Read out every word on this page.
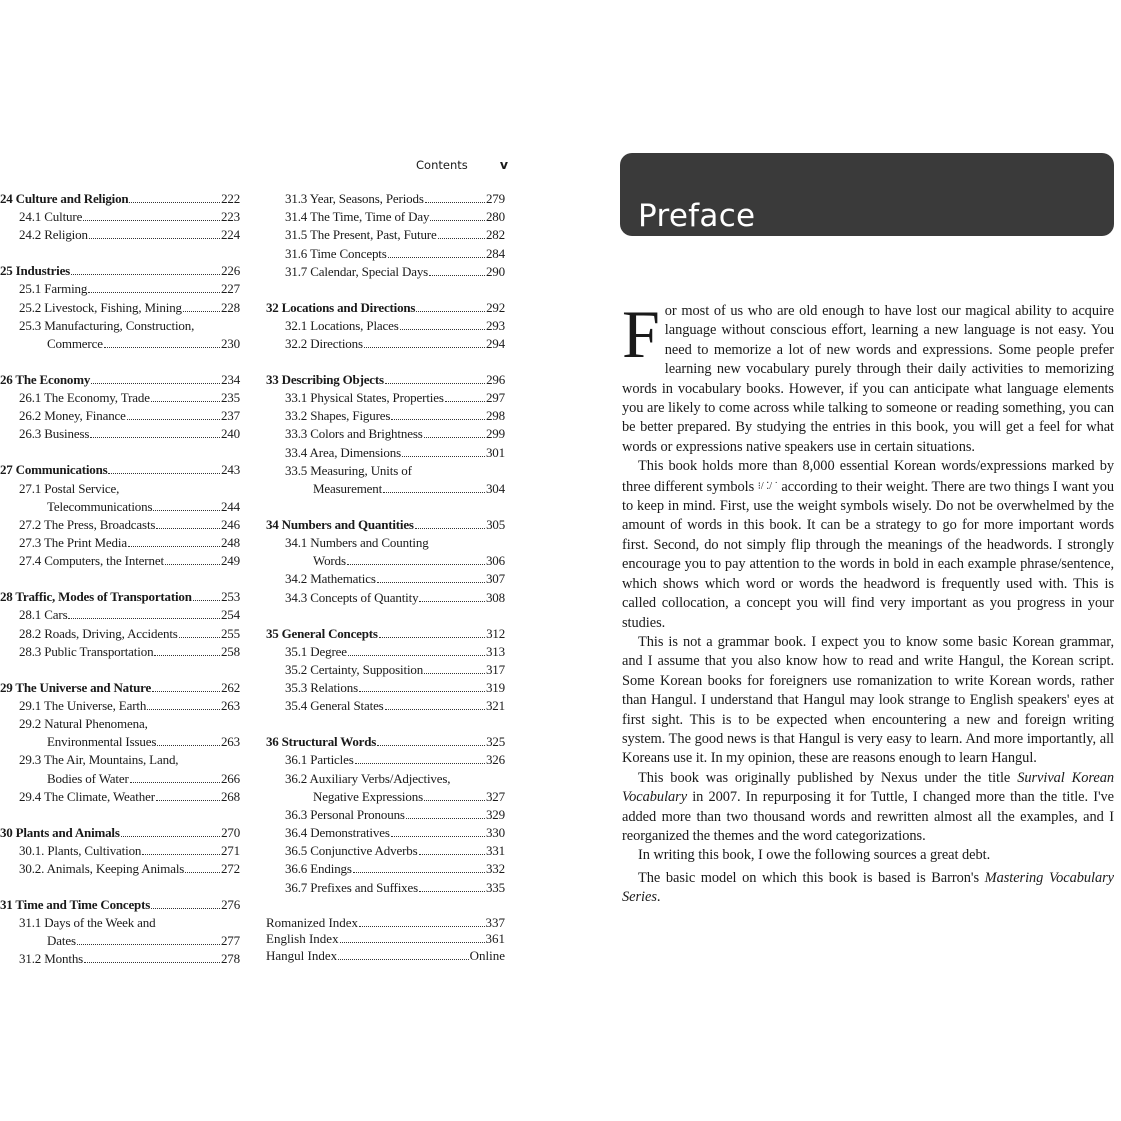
Contents	v
24 Culture and Religion	222
24.1 Culture	223
24.2 Religion	224
25 Industries	226
25.1 Farming	227
25.2 Livestock, Fishing, Mining	228
25.3 Manufacturing, Construction,
Commerce	230
26 The Economy	234
26.1 The Economy, Trade	235
26.2 Money, Finance	237
26.3 Business	240
27 Communications	243
27.1 Postal Service,
Telecommunications	244
27.2 The Press, Broadcasts	246
27.3 The Print Media	248
27.4 Computers, the Internet	249
28 Traffic, Modes of Transportation 253
28.1 Cars	254
28.2 Roads, Driving, Accidents	255
28.3 Public Transportation	258
29 The Universe and Nature	262
29.1 The Universe, Earth	263
29.2 Natural Phenomena,
Environmental Issues	263
29.3 The Air, Mountains, Land,
Bodies of Water	266
29.4 The Climate, Weather	268
30 Plants and Animals	270
30.1. Plants, Cultivation	271
30.2. Animals, Keeping Animals	272
31 Time and Time Concepts	276
31.1 Days of the Week and
Dates	277
31.2 Months	278
31.3 Year, Seasons, Periods	279
31.4 The Time, Time of Day	280
31.5 The Present, Past, Future	282
31.6 Time Concepts	284
31.7 Calendar, Special Days	290
32 Locations and Directions	292
32.1 Locations, Places	293
32.2 Directions	294
33 Describing Objects	296
33.1 Physical States, Properties	297
33.2 Shapes, Figures	298
33.3 Colors and Brightness	299
33.4 Area, Dimensions	301
33.5 Measuring, Units of
Measurement	304
34 Numbers and Quantities	305
34.1 Numbers and Counting
Words	306
34.2 Mathematics	307
34.3 Concepts of Quantity	308
35 General Concepts	312
35.1 Degree	313
35.2 Certainty, Supposition	317
35.3 Relations	319
35.4 General States	321
36 Structural Words	325
36.1 Particles	326
36.2 Auxiliary Verbs/Adjectives,
Negative Expressions	327
36.3 Personal Pronouns	329
36.4 Demonstratives	330
36.5 Conjunctive Adverbs	331
36.6 Endings	332
36.7 Prefixes and Suffixes	335
Romanized Index	337
English Index	361
Hangul Index	Online
Preface

For most of us who are old enough to have lost our magical ability to acquire language without conscious effort, learning a new language is not easy. You need to memorize a lot of new words and expressions. Some people prefer learning new vocabulary purely through their daily activities to memorizing words in vocabulary books. However, if you can anticipate what language elements you are likely to come across while talking to someone or reading something, you can be better prepared. By studying the entries in this book, you will get a feel for what words or expressions native speakers use in certain situations.

This book holds more than 8,000 essential Korean words/expressions marked by three different symbols ⁝/ ⁚/ ˙ according to their weight. There are two things I want you to keep in mind. First, use the weight symbols wisely. Do not be overwhelmed by the amount of words in this book. It can be a strategy to go for more important words first. Second, do not simply flip through the meanings of the headwords. I strongly encourage you to pay attention to the words in bold in each example phrase/sentence, which shows which word or words the headword is frequently used with. This is called collocation, a concept you will find very important as you progress in your studies.

This is not a grammar book. I expect you to know some basic Korean grammar, and I assume that you also know how to read and write Hangul, the Korean script. Some Korean books for foreigners use romanization to write Korean words, rather than Hangul. I understand that Hangul may look strange to English speakers' eyes at first sight. This is to be expected when encountering a new and foreign writing system. The good news is that Hangul is very easy to learn. And more importantly, all Koreans use it. In my opinion, these are reasons enough to learn Hangul.

This book was originally published by Nexus under the title Survival Korean Vocabulary in 2007. In repurposing it for Tuttle, I changed more than the title. I've added more than two thousand words and rewritten almost all the examples, and I reorganized the themes and the word categorizations.

In writing this book, I owe the following sources a great debt.

The basic model on which this book is based is Barron's Mastering Vocabulary Series.
